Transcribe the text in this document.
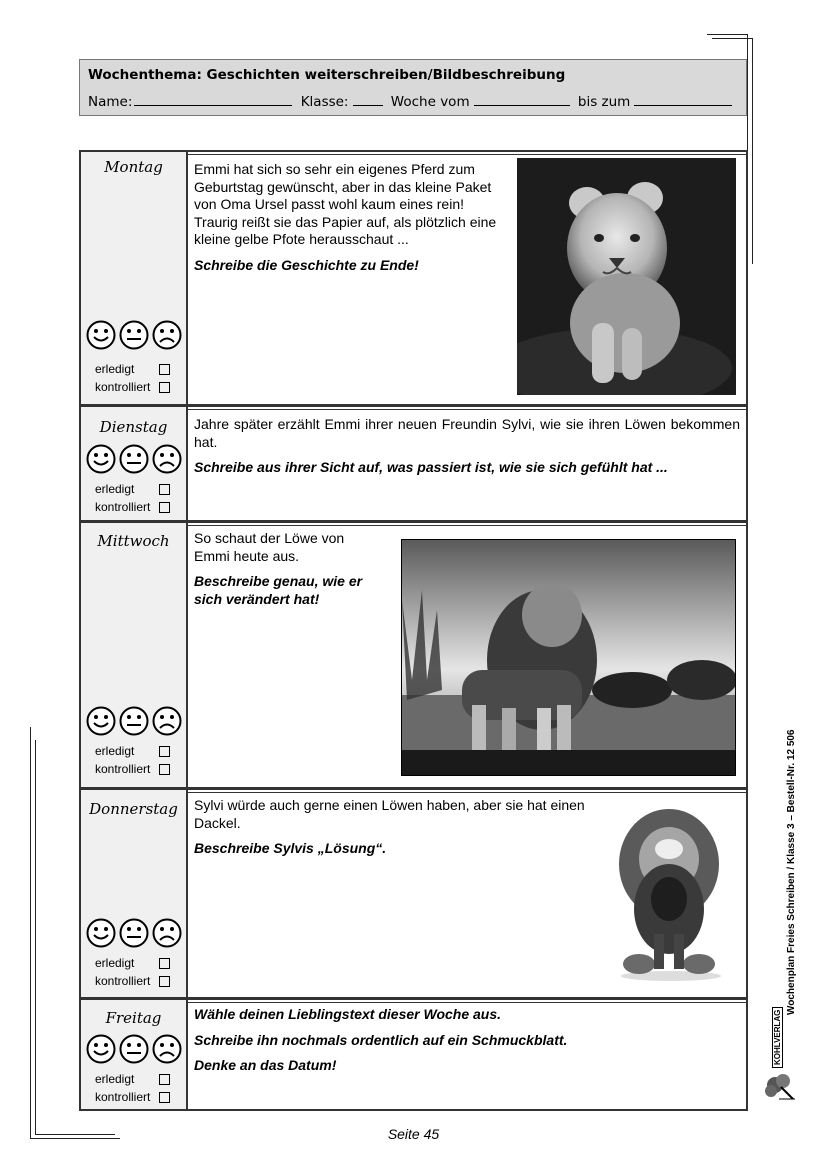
Wochenthema: Geschichten weiterschreiben/Bildbeschreibung
Name:	Klasse:	Woche vom	bis zum
Montag
erledigt
kontrolliert

Emmi hat sich so sehr ein eigenes Pferd zum Geburtstag gewünscht, aber in das kleine Paket von Oma Ursel passt wohl kaum eines rein!

Traurig reißt sie das Papier auf, als plötzlich eine kleine gelbe Pfote herausschaut ...

Schreibe die Geschichte zu Ende!

Dienstag
erledigt
kontrolliert

Jahre später erzählt Emmi ihrer neuen Freundin Sylvi, wie sie ihren Löwen bekommen hat.

Schreibe aus ihrer Sicht auf, was passiert ist, wie sie sich gefühlt hat ...

Mittwoch
erledigt
kontrolliert

So schaut der Löwe von Emmi heute aus.

Beschreibe genau, wie er sich verändert hat!

Donnerstag
erledigt
kontrolliert

Sylvi würde auch gerne einen Löwen haben, aber sie hat einen Dackel.

Beschreibe Sylvis „Lösung“.

Freitag
erledigt
kontrolliert

Wähle deinen Lieblingstext dieser Woche aus.

Schreibe ihn nochmals ordentlich auf ein Schmuckblatt.

Denke an das Datum!

Seite 45
Wochenplan Freies Schreiben / Klasse 3 – Bestell-Nr. 12 506
KOHLVERLAG
